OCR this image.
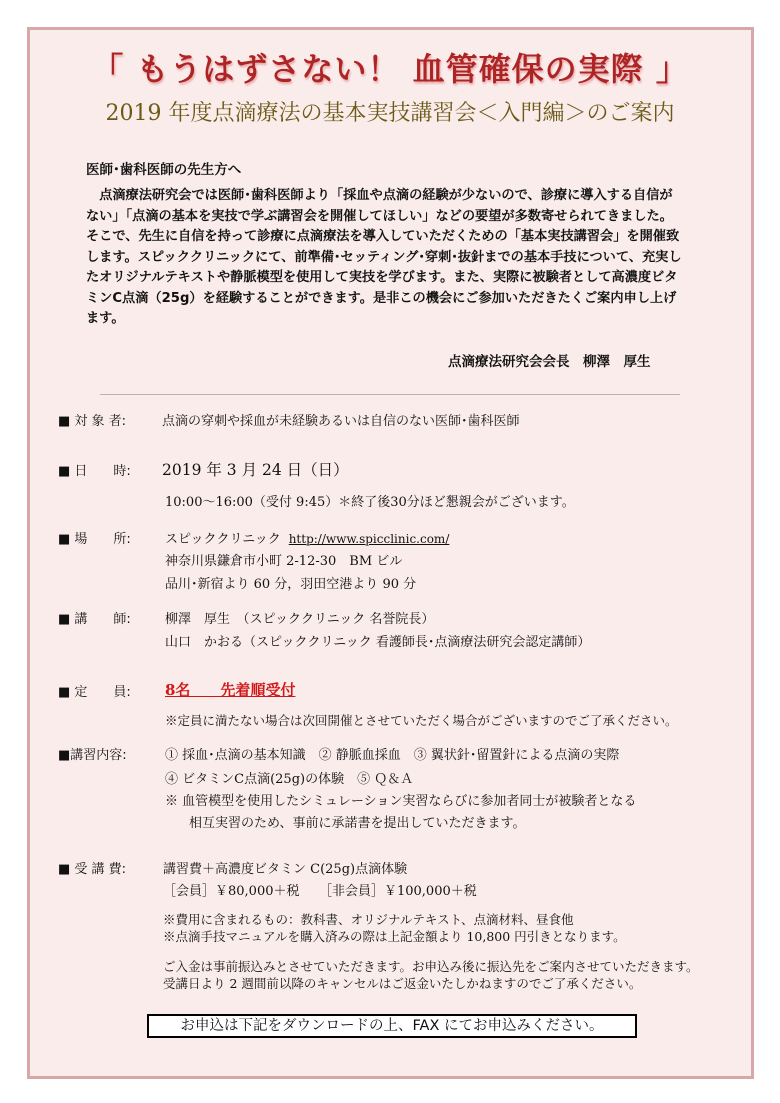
「 もうはずさない！ 血管確保の実際 」
2019 年度点滴療法の基本実技講習会＜入門編＞のご案内
医師･歯科医師の先生方へ
点滴療法研究会では医師･歯科医師より「採血や点滴の経験が少ないので、診療に導入する自信がない」「点滴の基本を実技で学ぶ講習会を開催してほしい」などの要望が多数寄せられてきました。そこで、先生に自信を持って診療に点滴療法を導入していただくための「基本実技講習会」を開催致します。スピッククリニックにて、前準備･セッティング･穿刺･抜針までの基本手技について、充実したオリジナルテキストや静脈模型を使用して実技を学びます。また、実際に被験者として高濃度ビタミンC点滴（25g）を経験することができます。是非この機会にご参加いただきたくご案内申し上げます。
点滴療法研究会会長　柳澤　厚生
■ 対 象 者:	点滴の穿刺や採血が未経験あるいは自信のない医師･歯科医師
■ 日　　時: 2019 年 3 月 24 日（日）
10:00～16:00（受付 9:45）＊終了後30分ほど懇親会がございます。
■ 場　　所:	スピッククリニック http://www.spicclinic.com/
神奈川県鎌倉市小町 2-12-30　BM ビル
品川･新宿より 60 分，羽田空港より 90 分
■ 講　　師:	柳澤　厚生　（スピッククリニック 名誉院長）
山口　かおる（スピッククリニック 看護師長･点滴療法研究会認定講師）
■ 定　　員: 8名　　先着順受付
※定員に満たない場合は次回開催とさせていただく場合がございますのでご了承ください。
■講習内容:	① 採血･点滴の基本知識　② 静脈血採血　③ 翼状針･留置針による点滴の実際
④ ビタミンC点滴(25g)の体験　⑤ Ｑ＆Ａ
※ 血管模型を使用したシミュレーション実習ならびに参加者同士が被験者となる
相互実習のため、事前に承諾書を提出していただきます。
■ 受 講 費:	講習費＋高濃度ビタミン C(25g)点滴体験
［会員］￥80,000＋税　　［非会員］￥100,000＋税
※費用に含まれるもの：教科書、オリジナルテキスト、点滴材料、昼食他
※点滴手技マニュアルを購入済みの際は上記金額より 10,800 円引きとなります。
ご入金は事前振込みとさせていただきます。お申込み後に振込先をご案内させていただきます。
受講日より 2 週間前以降のキャンセルはご返金いたしかねますのでご了承ください。
お申込は下記をダウンロードの上、FAX にてお申込みください。
